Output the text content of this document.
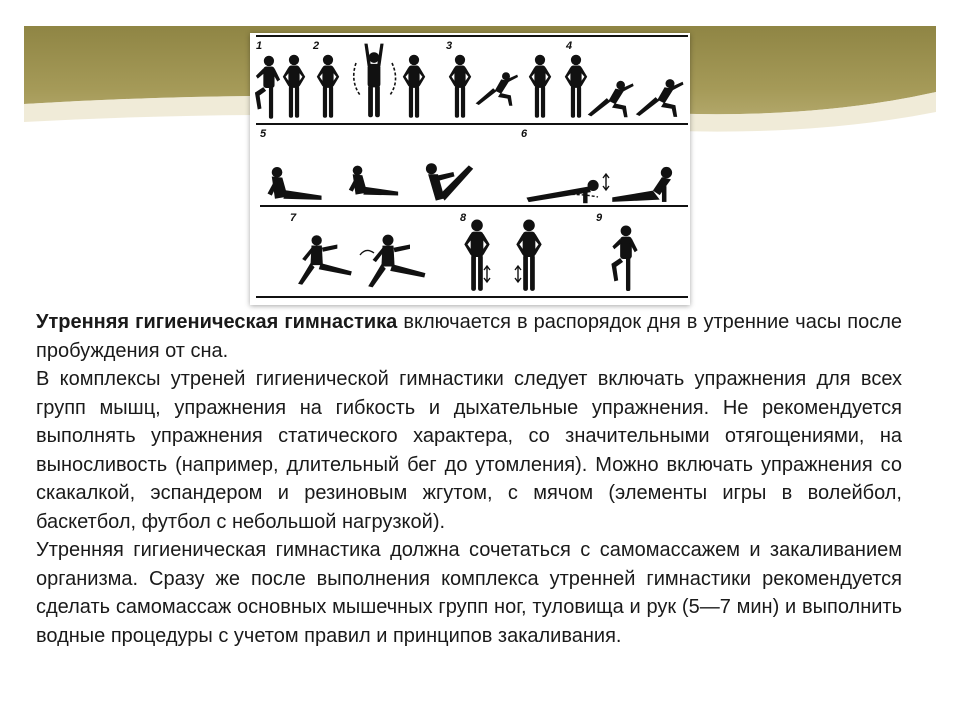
1	2	3	4
5	6
7	8	9

Утренняя гигиеническая гимнастика включается в распорядок дня в утренние часы после пробуждения от сна.

В комплексы утреней гигиенической гимнастики следует включать упражнения для всех групп мышц, упражнения на гибкость и дыхательные упражнения. Не рекомендуется выполнять упражнения статического характера, со значительными отягощениями, на выносливость (например, длительный бег до утомления). Можно включать упражнения со скакалкой, эспандером и резиновым жгутом, с мячом (элементы игры в волейбол, баскетбол, футбол с небольшой нагрузкой).

Утренняя гигиеническая гимнастика должна сочетаться с самомассажем и закаливанием организма. Сразу же после выполнения комплекса утренней гимнастики рекомендуется сделать самомассаж основных мышечных групп ног, туловища и рук (5—7 мин) и выполнить водные процедуры с учетом правил и принципов закаливания.
